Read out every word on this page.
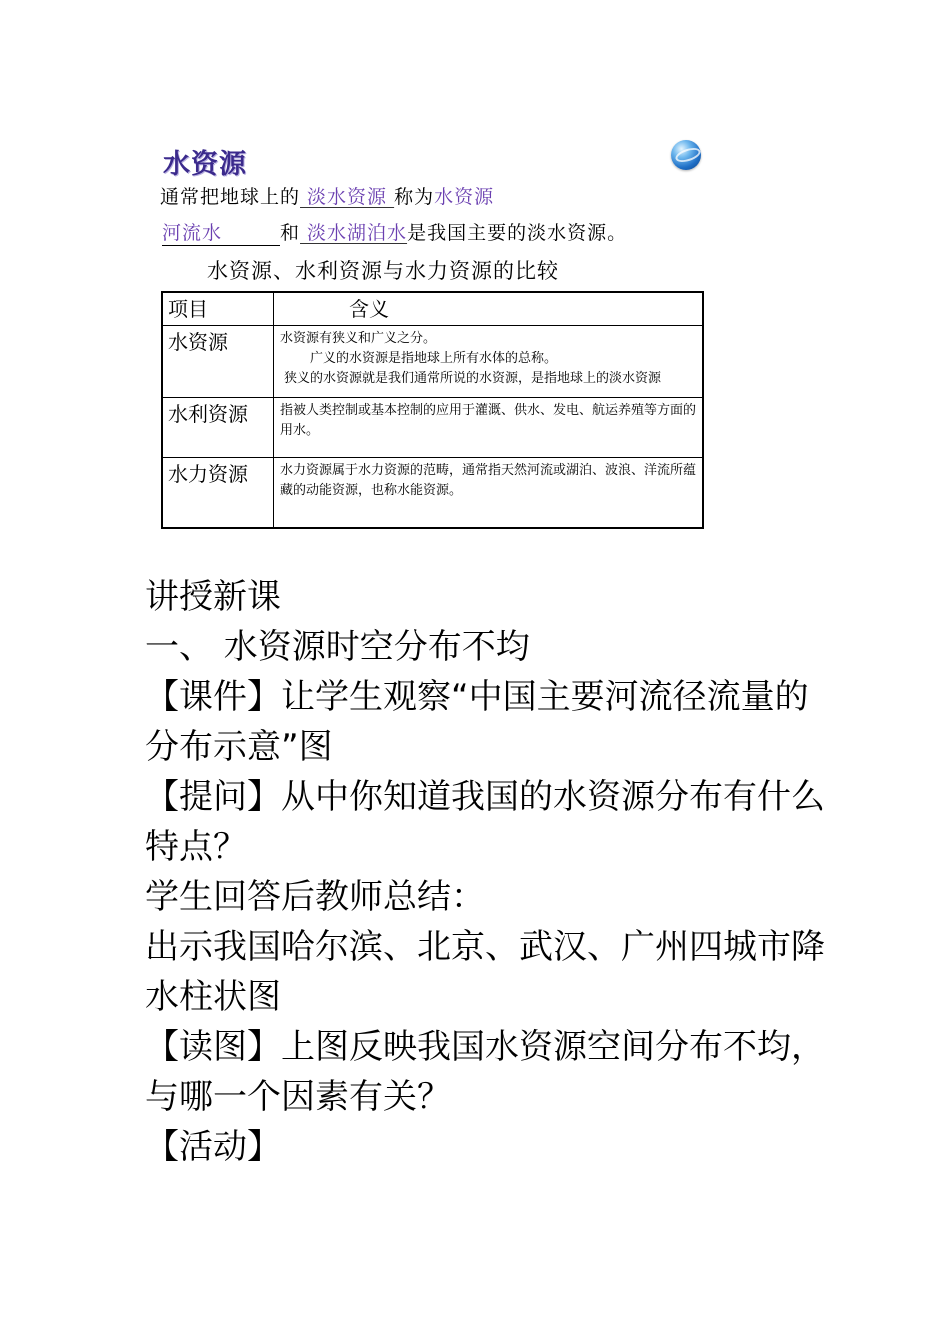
水资源
通常把地球上的 淡水资源 称为水资源
河流水	和 淡水湖泊水是我国主要的淡水资源。
水资源、水利资源与水力资源的比较
项目	含义
水资源	水资源有狭义和广义之分。
广义的水资源是指地球上所有水体的总称。
狭义的水资源就是我们通常所说的水资源，是指地球上的淡水资源

水利资源	指被人类控制或基本控制的应用于灌溉、供水、发电、航运养殖等方面的用水。

水力资源	水力资源属于水力资源的范畴，通常指天然河流或湖泊、波浪、洋流所蕴藏的动能资源，也称水能资源。

讲授新课

一、 水资源时空分布不均

【课件】让学生观察“中国主要河流径流量的分布示意”图

【提问】从中你知道我国的水资源分布有什么特点？

学生回答后教师总结：

出示我国哈尔滨、北京、武汉、广州四城市降水柱状图

【读图】上图反映我国水资源空间分布不均，与哪一个因素有关？

【活动】
